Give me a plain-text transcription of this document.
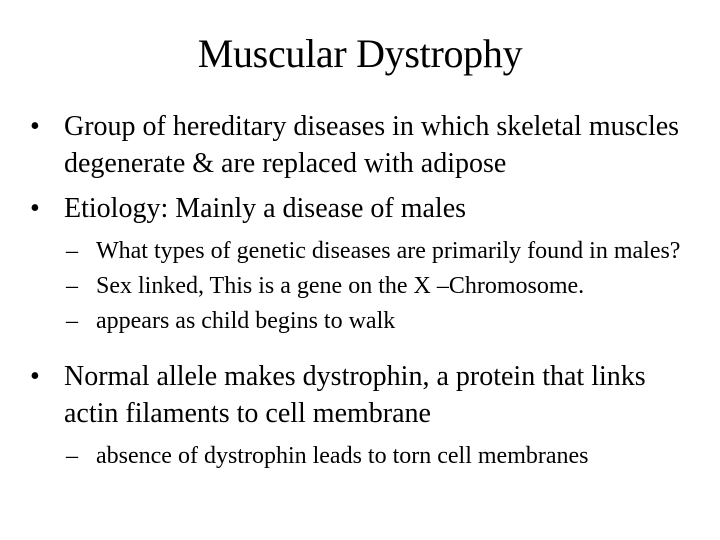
Muscular Dystrophy
• Group of hereditary diseases in which skeletal muscles degenerate & are replaced with adipose
• Etiology: Mainly a disease of males
– What types of genetic diseases are primarily found in males?
– Sex linked, This is a gene on the X –Chromosome.
– appears as child begins to walk
• Normal allele makes dystrophin, a protein that links actin filaments to cell membrane
– absence of dystrophin leads to torn cell membranes
